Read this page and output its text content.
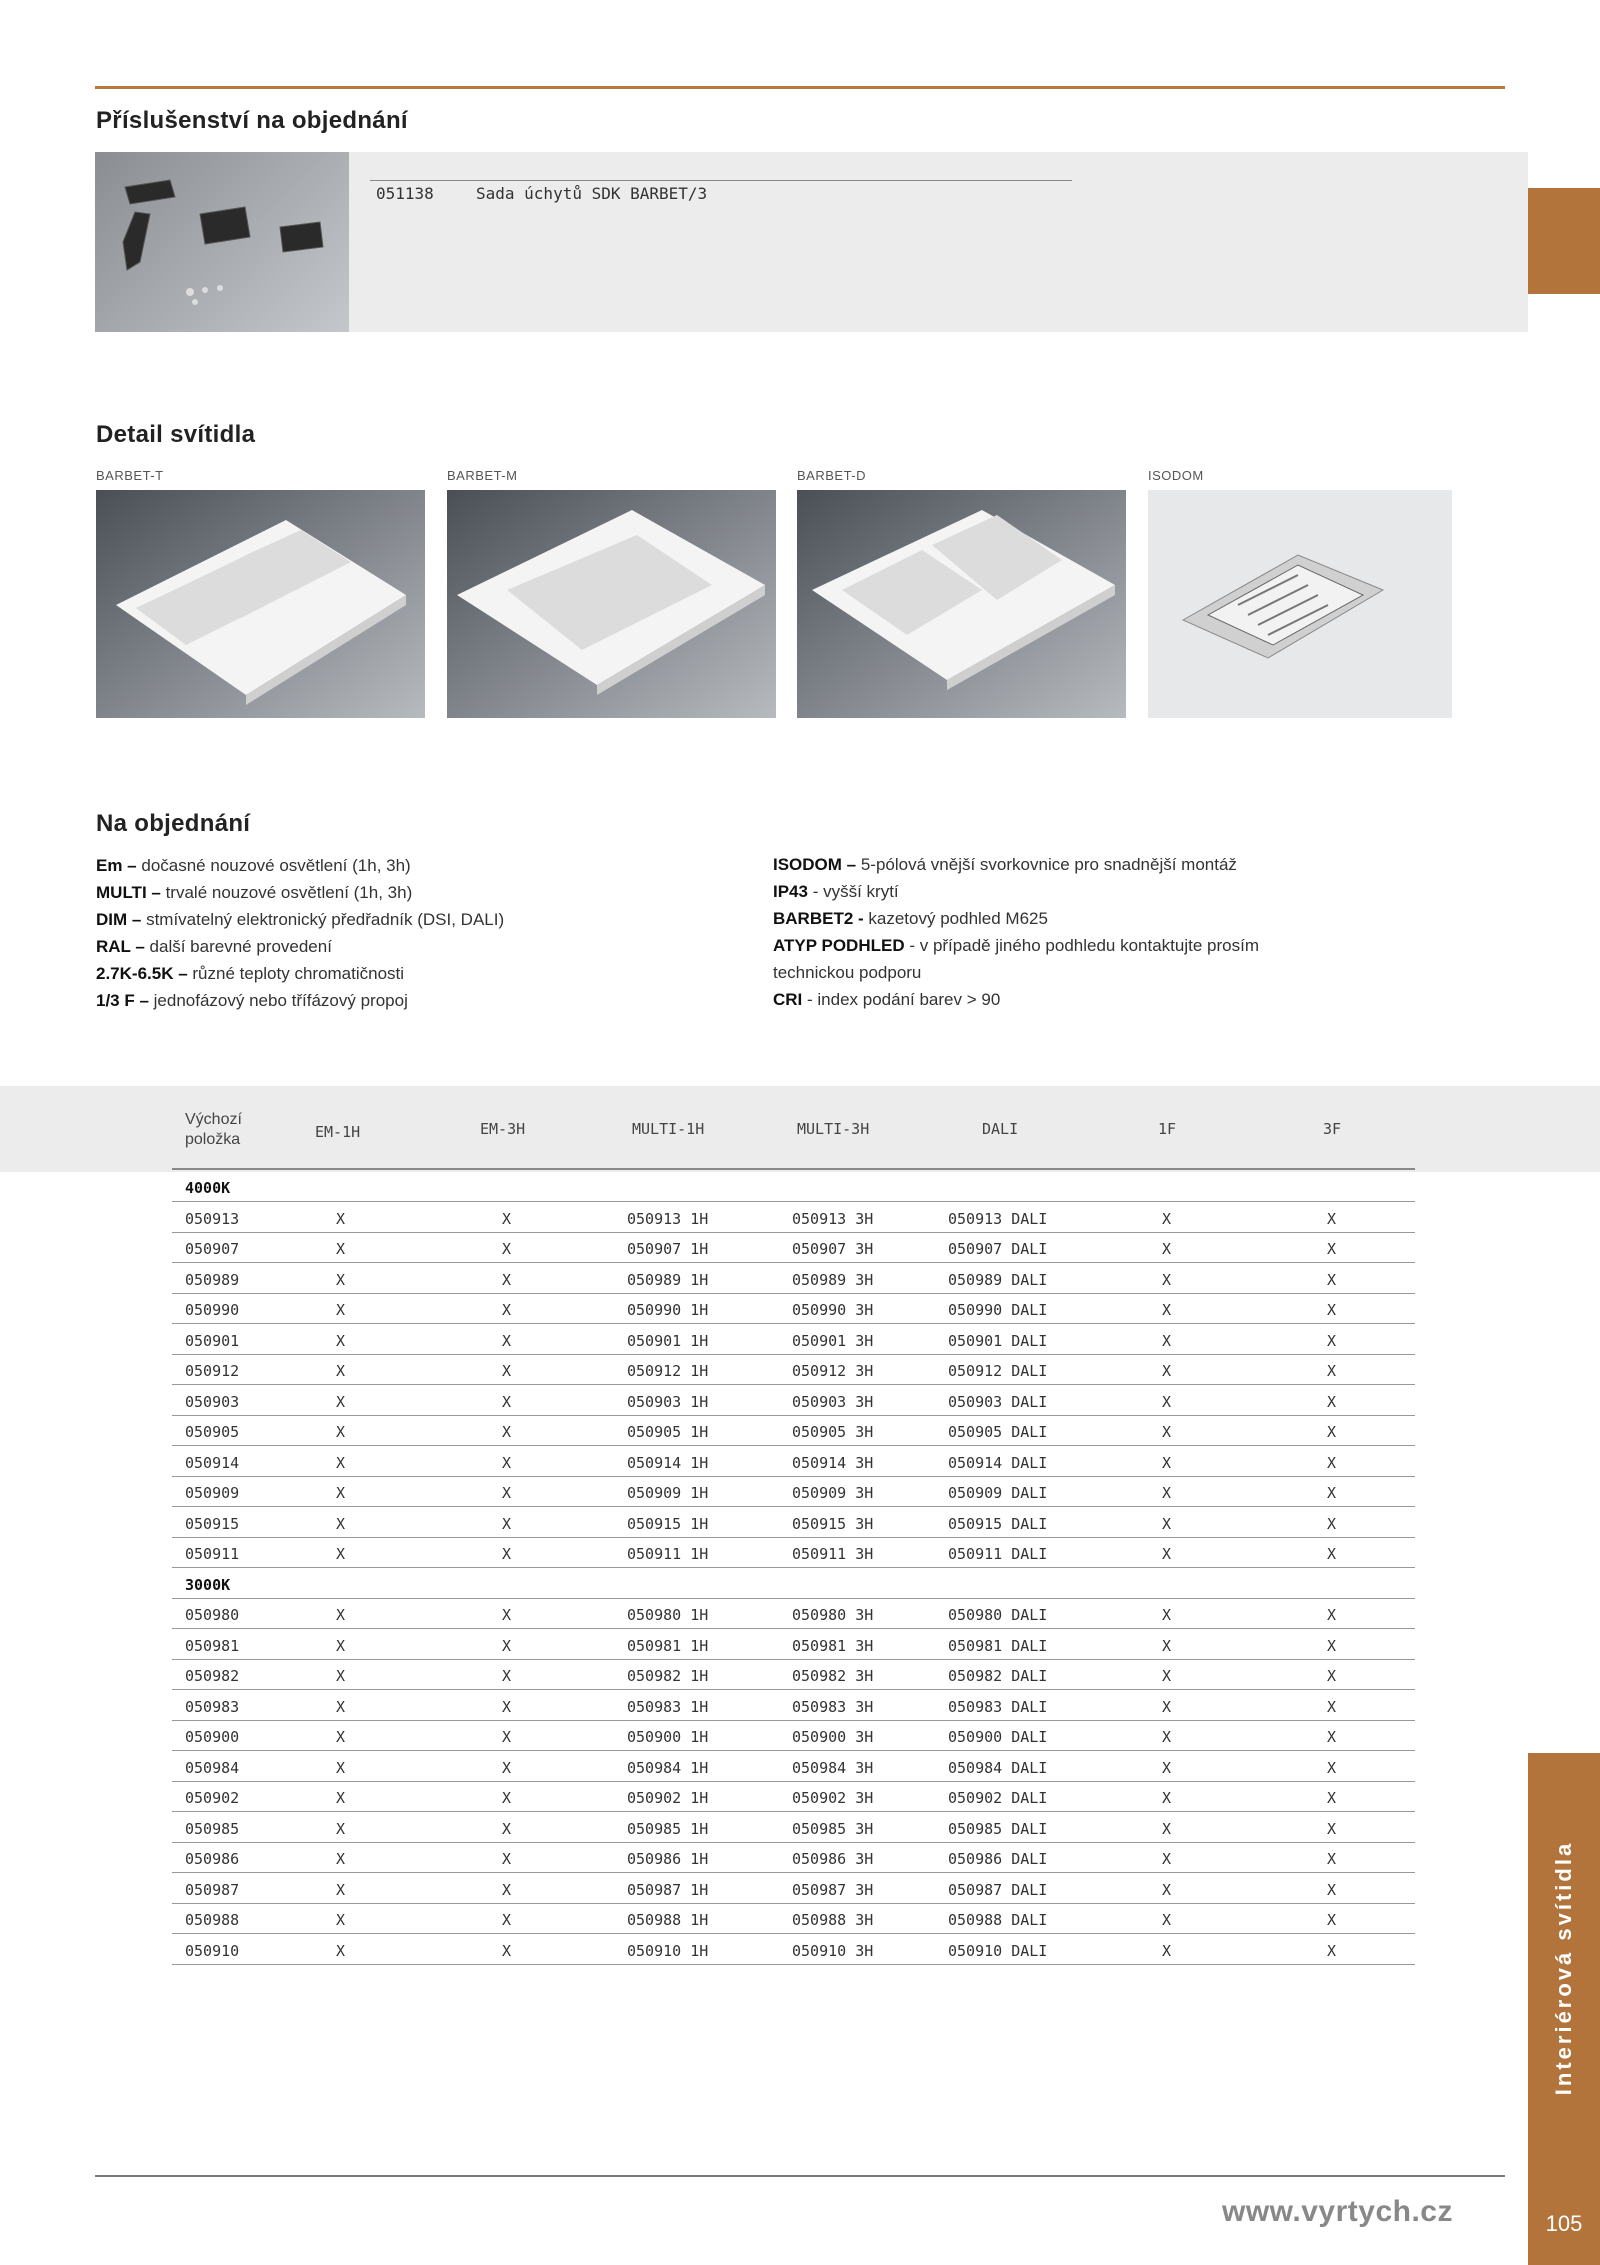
Interiérová svítidla
Příslušenství na objednání
051138	Sada úchytů SDK BARBET/3
Detail svítidla
BARBET-T	BARBET-M	BARBET-D	ISODOM
Na objednání
Em – dočasné nouzové osvětlení (1h, 3h)
MULTI – trvalé nouzové osvětlení (1h, 3h)
DIM – stmívatelný elektronický předřadník (DSI, DALI)
RAL – další barevné provedení
2.7K-6.5K – různé teploty chromatičnosti
1/3 F – jednofázový nebo třífázový propoj
ISODOM – 5-pólová vnější svorkovnice pro snadnější montáž
IP43 - vyšší krytí
BARBET2 - kazetový podhled M625
ATYP PODHLED - v případě jiného podhledu kontaktujte prosím
technickou podporu
CRI - index podání barev > 90
Výchozí
položka	EM-1H	EM-3H	MULTI-1H	MULTI-3H	DALI	1F	3F
4000K
050913	X	X	050913 1H	050913 3H	050913 DALI	X	X
050907	X	X	050907 1H	050907 3H	050907 DALI	X	X
050989	X	X	050989 1H	050989 3H	050989 DALI	X	X
050990	X	X	050990 1H	050990 3H	050990 DALI	X	X
050901	X	X	050901 1H	050901 3H	050901 DALI	X	X
050912	X	X	050912 1H	050912 3H	050912 DALI	X	X
050903	X	X	050903 1H	050903 3H	050903 DALI	X	X
050905	X	X	050905 1H	050905 3H	050905 DALI	X	X
050914	X	X	050914 1H	050914 3H	050914 DALI	X	X
050909	X	X	050909 1H	050909 3H	050909 DALI	X	X
050915	X	X	050915 1H	050915 3H	050915 DALI	X	X
050911	X	X	050911 1H	050911 3H	050911 DALI	X	X
3000K
050980	X	X	050980 1H	050980 3H	050980 DALI	X	X
050981	X	X	050981 1H	050981 3H	050981 DALI	X	X
050982	X	X	050982 1H	050982 3H	050982 DALI	X	X
050983	X	X	050983 1H	050983 3H	050983 DALI	X	X
050900	X	X	050900 1H	050900 3H	050900 DALI	X	X
050984	X	X	050984 1H	050984 3H	050984 DALI	X	X
050902	X	X	050902 1H	050902 3H	050902 DALI	X	X
050985	X	X	050985 1H	050985 3H	050985 DALI	X	X
050986	X	X	050986 1H	050986 3H	050986 DALI	X	X
050987	X	X	050987 1H	050987 3H	050987 DALI	X	X
050988	X	X	050988 1H	050988 3H	050988 DALI	X	X
050910	X	X	050910 1H	050910 3H	050910 DALI	X	X
www.vyrtych.cz	105
